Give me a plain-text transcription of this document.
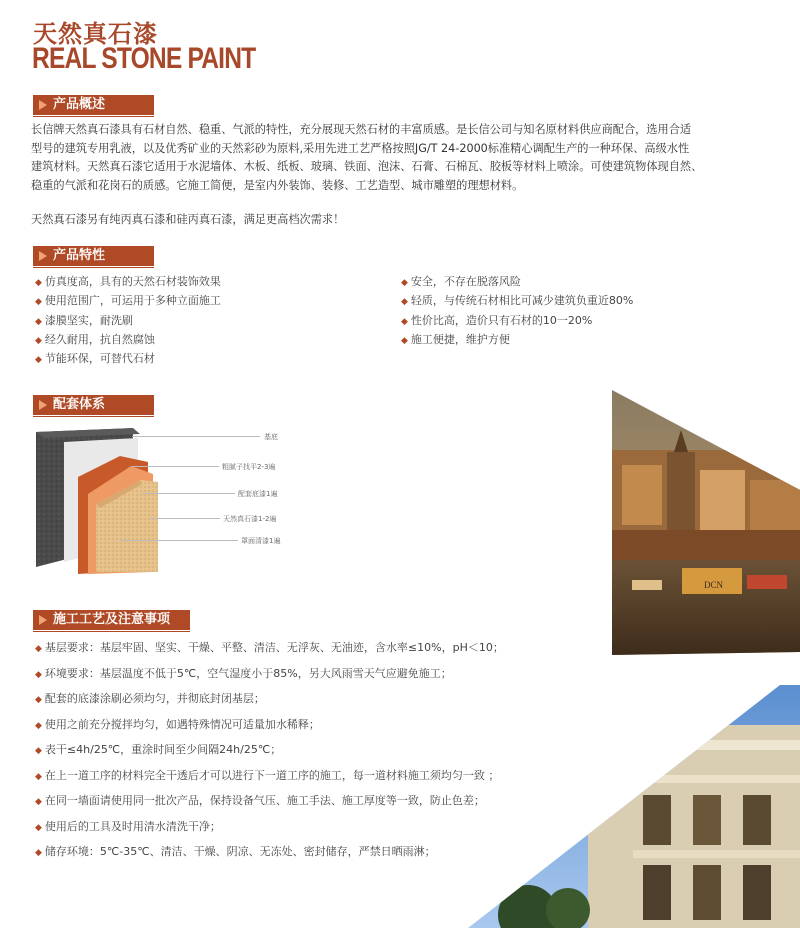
天然真石漆
REAL STONE PAINT
产品概述
长信牌天然真石漆具有石材自然、稳重、气派的特性，充分展现天然石材的丰富质感。是长信公司与知名原材料供应商配合，选用合适
型号的建筑专用乳液，以及优秀矿业的天然彩砂为原料,采用先进工艺严格按照JG/T 24-2000标准精心调配生产的一种环保、高级水性
建筑材料。天然真石漆它适用于水泥墙体、木板、纸板、玻璃、铁面、泡沫、石膏、石棉瓦、胶板等材料上喷涂。可使建筑物体现自然、
稳重的气派和花岗石的质感。它施工简便，是室内外装饰、装修、工艺造型、城市雕塑的理想材料。
天然真石漆另有纯丙真石漆和硅丙真石漆，满足更高档次需求！
产品特性
◆ 仿真度高，具有的天然石材装饰效果
◆ 使用范围广，可运用于多种立面施工
◆ 漆膜坚实，耐洗刷
◆ 经久耐用，抗自然腐蚀
◆ 节能环保，可替代石材
◆ 安全，不存在脱落风险
◆ 轻质，与传统石材相比可减少建筑负重近80%
◆ 性价比高，造价只有石材的10一20%
◆ 施工便捷，维护方便
配套体系
基底
粗腻子找平2-3遍
配套底漆1遍
天然真石漆1-2遍
罩面清漆1遍
施工工艺及注意事项
◆ 基层要求：基层牢固、坚实、干燥、平整、清洁、无浮灰、无油迹，含水率≤10%，pH＜10；
◆ 环境要求：基层温度不低于5℃，空气湿度小于85%，另大风雨雪天气应避免施工；
◆ 配套的底漆涂刷必须均匀，并彻底封闭基层；
◆ 使用之前充分搅拌均匀，如遇特殊情况可适量加水稀释；
◆ 表干≤4h/25℃，重涂时间至少间隔24h/25℃；
◆ 在上一道工序的材料完全干透后才可以进行下一道工序的施工，每一道材料施工须均匀一致 ；
◆ 在同一墙面请使用同一批次产品，保持设备气压、施工手法、施工厚度等一致，防止色差；
◆ 使用后的工具及时用清水清洗干净；
◆ 储存环境：5℃-35℃、清洁、干燥、阴凉、无冻处、密封储存，严禁日晒雨淋；
DCN
